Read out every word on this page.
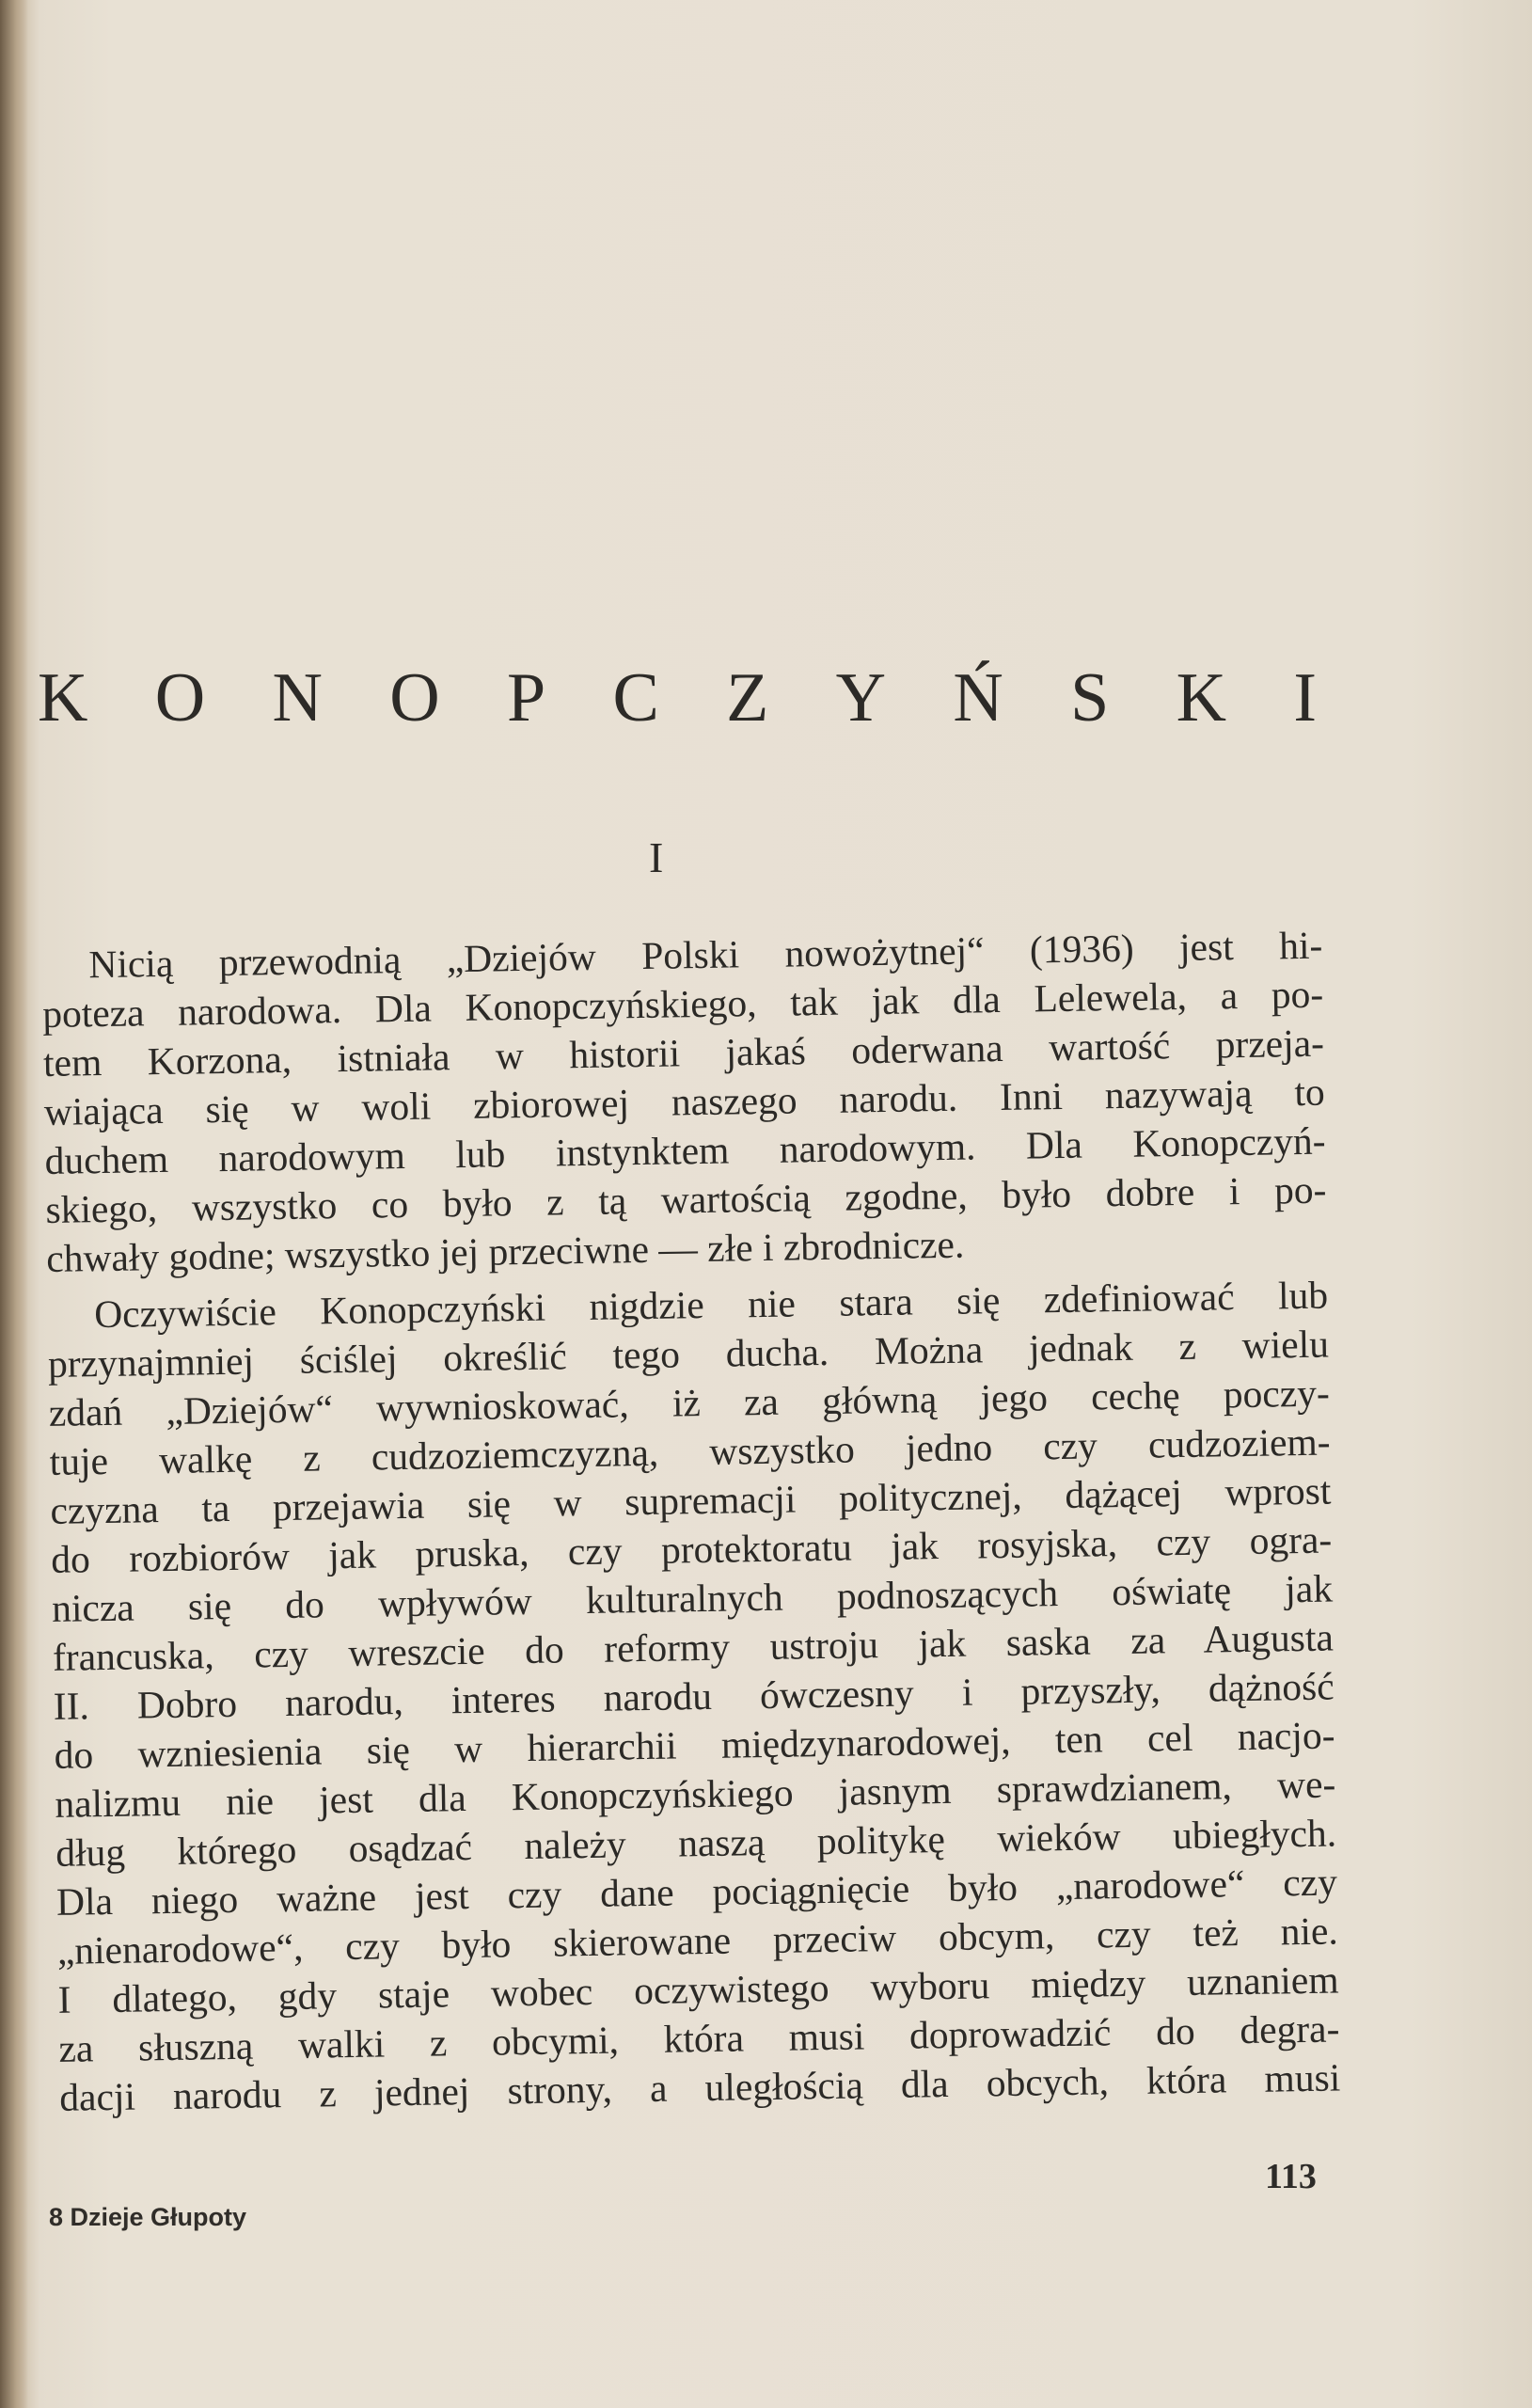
K O N O P C Z Y Ń S K I
I
Nicią przewodnią „Dziejów Polski nowożytnej“ (1936) jest hi-
poteza narodowa. Dla Konopczyńskiego, tak jak dla Lelewela, a po-
tem Korzona, istniała w historii jakaś oderwana wartość przeja-
wiająca się w woli zbiorowej naszego narodu. Inni nazywają to
duchem narodowym lub instynktem narodowym. Dla Konopczyń-
skiego, wszystko co było z tą wartością zgodne, było dobre i po-
chwały godne; wszystko jej przeciwne — złe i zbrodnicze.
Oczywiście Konopczyński nigdzie nie stara się zdefiniować lub
przynajmniej ściślej określić tego ducha. Można jednak z wielu
zdań „Dziejów“ wywnioskować, iż za główną jego cechę poczy-
tuje walkę z cudzoziemczyzną, wszystko jedno czy cudzoziem-
czyzna ta przejawia się w supremacji politycznej, dążącej wprost
do rozbiorów jak pruska, czy protektoratu jak rosyjska, czy ogra-
nicza się do wpływów kulturalnych podnoszących oświatę jak
francuska, czy wreszcie do reformy ustroju jak saska za Augusta
II. Dobro narodu, interes narodu ówczesny i przyszły, dążność
do wzniesienia się w hierarchii międzynarodowej, ten cel nacjo-
nalizmu nie jest dla Konopczyńskiego jasnym sprawdzianem, we-
dług którego osądzać należy naszą politykę wieków ubiegłych.
Dla niego ważne jest czy dane pociągnięcie było „narodowe“ czy
„nienarodowe“, czy było skierowane przeciw obcym, czy też nie.
I dlatego, gdy staje wobec oczywistego wyboru między uznaniem
za słuszną walki z obcymi, która musi doprowadzić do degra-
dacji narodu z jednej strony, a uległością dla obcych, która musi
113
8 Dzieje Głupoty
